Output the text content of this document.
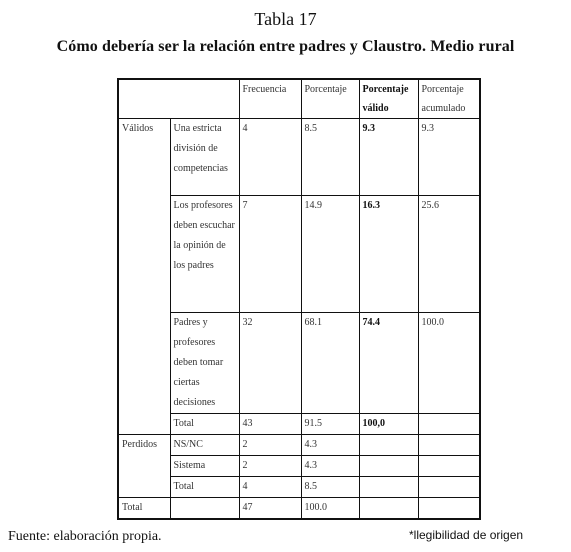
Tabla 17
Cómo debería ser la relación entre padres y Claustro. Medio rural
		Frecuencia	Porcentaje	Porcentaje válido	Porcentaje acumulado
Válidos	Una estricta división de competencias	4	8.5	9.3	9.3
	Los profesores deben escuchar la opinión de los padres	7	14.9	16.3	25.6
	Padres y profesores deben tomar ciertas decisiones	32	68.1	74.4	100.0
	Total	43	91.5	100,0	
Perdidos	NS/NC	2	4.3		
	Sistema	2	4.3		
	Total	4	8.5		
Total		47	100.0		
Fuente: elaboración propia.	*llegibilidad de origen
